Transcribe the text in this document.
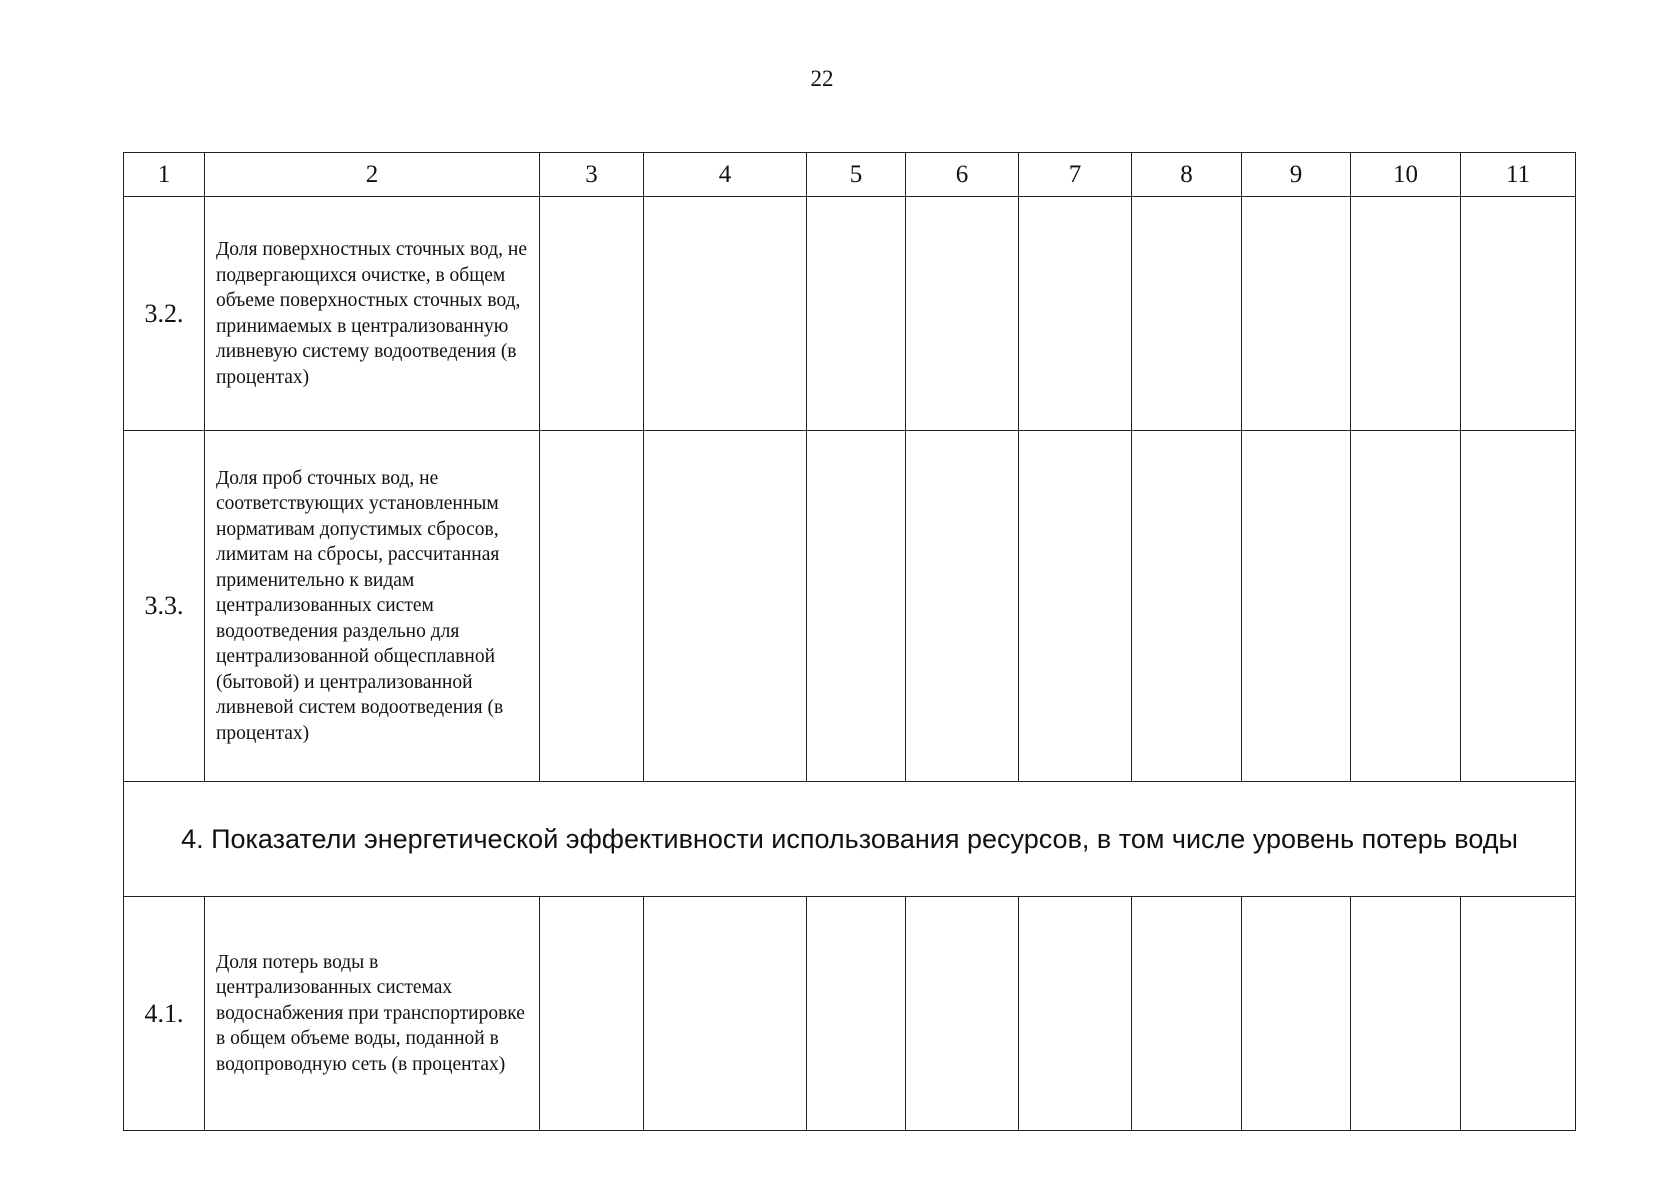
22
1	2	3	4	5	6	7	8	9	10	11
3.2.	Доля поверхностных сточных вод, не подвергающихся очистке, в общем объеме поверхностных сточных вод, принимаемых в централизованную ливневую систему водоотведения (в процентах)									
3.3.	Доля проб сточных вод, не соответствующих установленным нормативам допустимых сбросов, лимитам на сбросы, рассчитанная применительно к видам централизованных систем водоотведения раздельно для централизованной общесплавной (бытовой) и централизованной ливневой систем водоотведения (в процентах)									
4. Показатели энергетической эффективности использования ресурсов, в том числе уровень потерь воды										
4.1.	Доля потерь воды в централизованных системах водоснабжения при транспортировке в общем объеме воды, поданной в водопроводную сеть (в процентах)									
